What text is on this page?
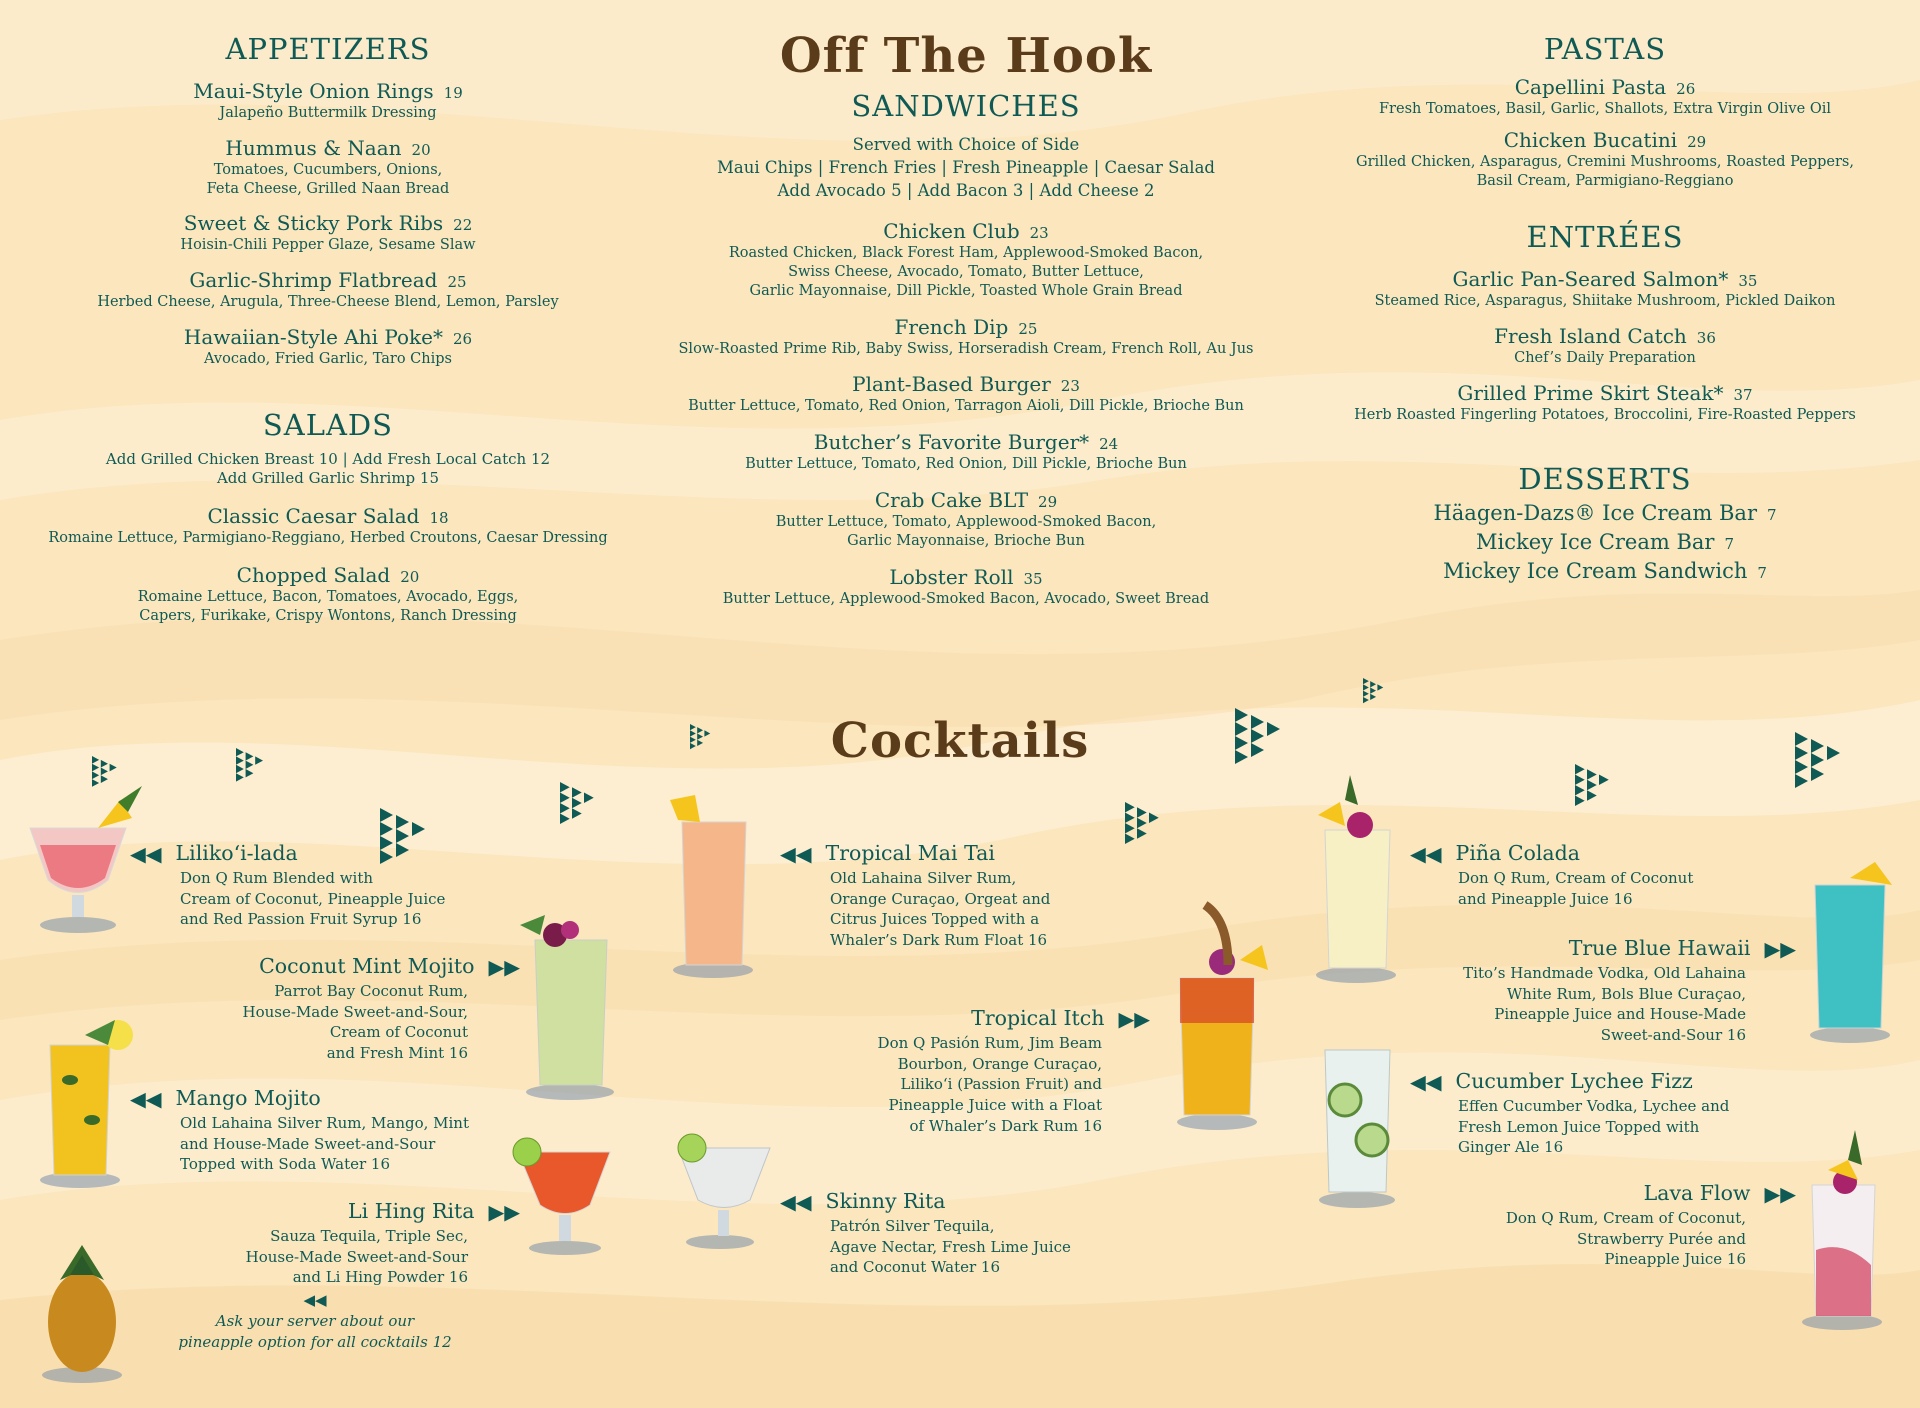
APPETIZERS
Maui-Style Onion Rings 19
Jalapeño Buttermilk Dressing
Hummus & Naan 20
Tomatoes, Cucumbers, Onions,
Feta Cheese, Grilled Naan Bread
Sweet & Sticky Pork Ribs 22
Hoisin-Chili Pepper Glaze, Sesame Slaw
Garlic-Shrimp Flatbread 25
Herbed Cheese, Arugula, Three-Cheese Blend, Lemon, Parsley
Hawaiian-Style Ahi Poke* 26
Avocado, Fried Garlic, Taro Chips
SALADS
Add Grilled Chicken Breast 10 | Add Fresh Local Catch 12
Add Grilled Garlic Shrimp 15
Classic Caesar Salad 18
Romaine Lettuce, Parmigiano-Reggiano, Herbed Croutons, Caesar Dressing
Chopped Salad 20
Romaine Lettuce, Bacon, Tomatoes, Avocado, Eggs,
Capers, Furikake, Crispy Wontons, Ranch Dressing
Off The Hook
SANDWICHES
Served with Choice of Side
Maui Chips | French Fries | Fresh Pineapple | Caesar Salad
Add Avocado 5 | Add Bacon 3 | Add Cheese 2
Chicken Club 23
Roasted Chicken, Black Forest Ham, Applewood-Smoked Bacon,
Swiss Cheese, Avocado, Tomato, Butter Lettuce,
Garlic Mayonnaise, Dill Pickle, Toasted Whole Grain Bread
French Dip 25
Slow-Roasted Prime Rib, Baby Swiss, Horseradish Cream, French Roll, Au Jus
Plant-Based Burger 23
Butter Lettuce, Tomato, Red Onion, Tarragon Aioli, Dill Pickle, Brioche Bun
Butcher’s Favorite Burger* 24
Butter Lettuce, Tomato, Red Onion, Dill Pickle, Brioche Bun
Crab Cake BLT 29
Butter Lettuce, Tomato, Applewood-Smoked Bacon,
Garlic Mayonnaise, Brioche Bun
Lobster Roll 35
Butter Lettuce, Applewood-Smoked Bacon, Avocado, Sweet Bread
PASTAS
Capellini Pasta 26
Fresh Tomatoes, Basil, Garlic, Shallots, Extra Virgin Olive Oil
Chicken Bucatini 29
Grilled Chicken, Asparagus, Cremini Mushrooms, Roasted Peppers,
Basil Cream, Parmigiano-Reggiano
ENTRÉES
Garlic Pan-Seared Salmon* 35
Steamed Rice, Asparagus, Shiitake Mushroom, Pickled Daikon
Fresh Island Catch 36
Chef’s Daily Preparation
Grilled Prime Skirt Steak* 37
Herb Roasted Fingerling Potatoes, Broccolini, Fire-Roasted Peppers
DESSERTS
Häagen-Dazs® Ice Cream Bar 7
Mickey Ice Cream Bar 7
Mickey Ice Cream Sandwich 7
Cocktails
◀◀ Liliko‘i-lada
Don Q Rum Blended with
Cream of Coconut, Pineapple Juice
and Red Passion Fruit Syrup 16
Coconut Mint Mojito ▶▶
Parrot Bay Coconut Rum,
House-Made Sweet-and-Sour,
Cream of Coconut
and Fresh Mint 16
◀◀ Mango Mojito
Old Lahaina Silver Rum, Mango, Mint
and House-Made Sweet-and-Sour
Topped with Soda Water 16
Li Hing Rita ▶▶
Sauza Tequila, Triple Sec,
House-Made Sweet-and-Sour
and Li Hing Powder 16
◀◀ Tropical Mai Tai
Old Lahaina Silver Rum,
Orange Curaçao, Orgeat and
Citrus Juices Topped with a
Whaler’s Dark Rum Float 16
Tropical Itch ▶▶
Don Q Pasión Rum, Jim Beam
Bourbon, Orange Curaçao,
Liliko‘i (Passion Fruit) and
Pineapple Juice with a Float
of Whaler’s Dark Rum 16
◀◀ Skinny Rita
Patrón Silver Tequila,
Agave Nectar, Fresh Lime Juice
and Coconut Water 16
◀◀ Piña Colada
Don Q Rum, Cream of Coconut
and Pineapple Juice 16
True Blue Hawaii ▶▶
Tito’s Handmade Vodka, Old Lahaina
White Rum, Bols Blue Curaçao,
Pineapple Juice and House-Made
Sweet-and-Sour 16
◀◀ Cucumber Lychee Fizz
Effen Cucumber Vodka, Lychee and
Fresh Lemon Juice Topped with
Ginger Ale 16
Lava Flow ▶▶
Don Q Rum, Cream of Coconut,
Strawberry Purée and
Pineapple Juice 16
◀◀
Ask your server about our
pineapple option for all cocktails 12
